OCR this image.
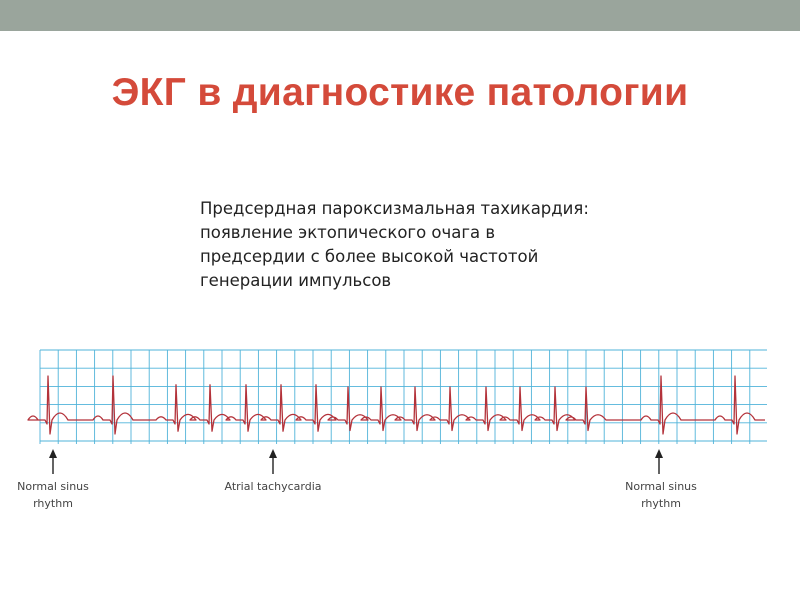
ЭКГ в диагностике патологии
Предсердная пароксизмальная тахикардия:
появление эктопического очага в
предсердии с более высокой частотой
генерации импульсов
Normal sinus
rhythm
Atrial tachycardia	Normal sinus
rhythm
